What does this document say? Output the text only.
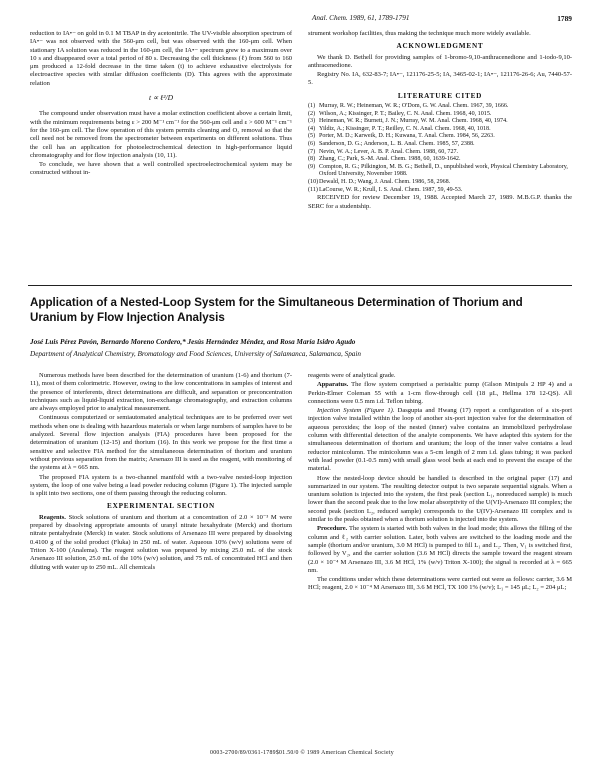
Anal. Chem. 1989, 61, 1789-1791	1789

reduction to IA•− on gold in 0.1 M TBAP in dry acetonitrile. The UV-visible absorption spectrum of IA•− was not observed with the 560-μm cell, but was observed with the 160-μm cell. When stationary IA solution was reduced in the 160-μm cell, the IA•− spectrum grew to a maximum over 10 s and disappeared over a total period of 80 s. Decreasing the cell thickness (ℓ) from 560 to 160 μm produced a 12-fold decrease in the time taken (t) to achieve exhaustive electrolysis for electroactive species with similar diffusion coefficients (D). This agrees with the approximate relation

t ∝ ℓ²/D

The compound under observation must have a molar extinction coefficient above a certain limit, with the minimum requirements being ε > 200 M⁻¹ cm⁻¹ for the 560-μm cell and ε > 600 M⁻¹ cm⁻¹ for the 160-μm cell. The flow operation of this system permits cleaning and O₂ removal so that the cell need not be removed from the spectrometer between experiments on different solutions. Thus the cell has an application for photoelectrochemical detection in high-performance liquid chromatography and for flow injection analysis (10, 11).

To conclude, we have shown that a well controlled spectroelectrochemical system may be constructed without in-

strument workshop facilities, thus making the technique much more widely available.

ACKNOWLEDGMENT

We thank D. Bethell for providing samples of 1-bromo-9,10-anthracenedione and 1-iodo-9,10-anthracenedione.

Registry No. IA, 632-83-7; IA•−, 121176-25-5; IA, 3465-02-1; IA•−, 121176-26-6; Au, 7440-57-5.

LITERATURE CITED
(1) Murray, R. W.; Heineman, W. R.; O'Dom, G. W. Anal. Chem. 1967, 39, 1666.
(2) Wilson, A.; Kissinger, P. T.; Bailey, C. N. Anal. Chem. 1968, 40, 1015.
(3) Heineman, W. R.; Burnett, J. N.; Murray, W. M. Anal. Chem. 1968, 40, 1974.
(4) Yildiz, A.; Kissinger, P. T.; Reilley, C. N. Anal. Chem. 1968, 40, 1018.
(5) Porter, M. D.; Karweik, D. H.; Kuwana, T. Anal. Chem. 1984, 56, 2263.
(6) Sanderson, D. G.; Anderson, L. B. Anal. Chem. 1985, 57, 2388.
(7) Nevin, W. A.; Lever, A. B. P. Anal. Chem. 1988, 60, 727.
(8) Zhang, C.; Park, S.-M. Anal. Chem. 1988, 60, 1639-1642.
(9) Compton, R. G.; Pilkington, M. B. G.; Bethell, D., unpublished work, Physical Chemistry Laboratory, Oxford University, November 1988.
(10) Dewald, H. D.; Wang, J. Anal. Chem. 1986, 58, 2968.
(11) LaCourse, W. R.; Krull, I. S. Anal. Chem. 1987, 59, 49-53.

RECEIVED for review December 19, 1988. Accepted March 27, 1989. M.B.G.P. thanks the SERC for a studentship.

Application of a Nested-Loop System for the Simultaneous Determination of Thorium and Uranium by Flow Injection Analysis
José Luis Pérez Pavón, Bernardo Moreno Cordero,* Jesús Hernández Méndez, and Rosa María Isidro Agudo
Department of Analytical Chemistry, Bromatology and Food Sciences, University of Salamanca, Salamanca, Spain

Numerous methods have been described for the determination of uranium (1-6) and thorium (7-11), most of them colorimetric. However, owing to the low concentrations in samples of interest and the presence of interferents, direct determinations are difficult, and separation or preconcentration techniques such as liquid-liquid extraction, ion-exchange chromatography, and extraction columns are always employed prior to analytical measurement.

Continuous computerized or semiautomated analytical techniques are to be preferred over wet methods when one is dealing with hazardous materials or when large numbers of samples have to be analyzed. Several flow injection analysis (FIA) procedures have been proposed for the determination of uranium (12-15) and thorium (16). In this work we propose for the first time a sensitive and selective FIA method for the simultaneous determination of thorium and uranium without previous separation from the matrix; Arsenazo III is used as the reagent, with monitoring of the systems at λ = 665 nm.

The proposed FIA system is a two-channel manifold with a two-valve nested-loop injection system, the loop of one valve being a lead powder reducing column (Figure 1). The injected sample is split into two sections, one of them passing through the reducing column.

EXPERIMENTAL SECTION

Reagents. Stock solutions of uranium and thorium at a concentration of 2.0 × 10⁻³ M were prepared by dissolving appropriate amounts of uranyl nitrate hexahydrate (Merck) and thorium nitrate pentahydrate (Merck) in water. Stock solutions of Arsenazo III were prepared by dissolving 0.4100 g of the solid product (Fluka) in 250 mL of water. Aqueous 10% (w/v) solutions were of Triton X-100 (Analema). The reagent solution was prepared by mixing 25.0 mL of the stock Arsenazo III solution, 25.0 mL of the 10% (w/v) solution, and 75 mL of concentrated HCl and then diluting with water up to 250 mL. All chemicals

reagents were of analytical grade.

Apparatus. The flow system comprised a peristaltic pump (Gilson Minipuls 2 HP 4) and a Perkin-Elmer Coleman 55 with a 1-cm flow-through cell (18 μL, Hellma 178 12-QS). All connections were 0.5 mm i.d. Teflon tubing.

Injection System (Figure 1). Dasgupta and Hwang (17) report a configuration of a six-port injection valve installed within the loop of another six-port injection valve for the determination of aqueous peroxides; the loop of the nested (inner) valve contains an immobilized perhydrolase column with differential detection of the analyte components. We have adapted this system for the simultaneous determination of thorium and uranium; the loop of the inner valve contains a lead reductor minicolumn. The minicolumn was a 5-cm length of 2 mm i.d. glass tubing; it was packed with lead powder (0.1-0.5 mm) with small glass wool beds at each end to prevent the escape of the material.

How the nested-loop device should be handled is described in the original paper (17) and summarized in our system. The resulting detector output is two separate sequential signals. When a uranium solution is injected into the system, the first peak (section L₁, nonreduced sample) is much lower than the second peak due to the low molar absorptivity of the U(VI)-Arsenazo III complex; the second peak (section L₂, reduced sample) corresponds to the U(IV)-Arsenazo III complex and is similar to the peaks obtained when a thorium solution is injected into the system.

Procedure. The system is started with both valves in the load mode; this allows the filling of the column and ℓ₂ with carrier solution. Later, both valves are switched to the loading mode and the sample (thorium and/or uranium, 3.0 M HCl) is pumped to fill L₁ and L₂. Then, V₁ is switched first, followed by V₂, and the carrier solution (3.6 M HCl) directs the sample toward the reagent stream (2.0 × 10⁻⁴ M Arsenazo III, 3.6 M HCl, 1% (w/v) Triton X-100); the signal is recorded at λ = 665 nm.

The conditions under which these determinations were carried out were as follows: carrier, 3.6 M HCl; reagent, 2.0 × 10⁻⁴ M Arsenazo III, 3.6 M HCl, TX 100 1% (w/v); L₁ = 145 μL; L₂ = 204 μL;

0003-2700/89/0361-1789$01.50/0 © 1989 American Chemical Society
